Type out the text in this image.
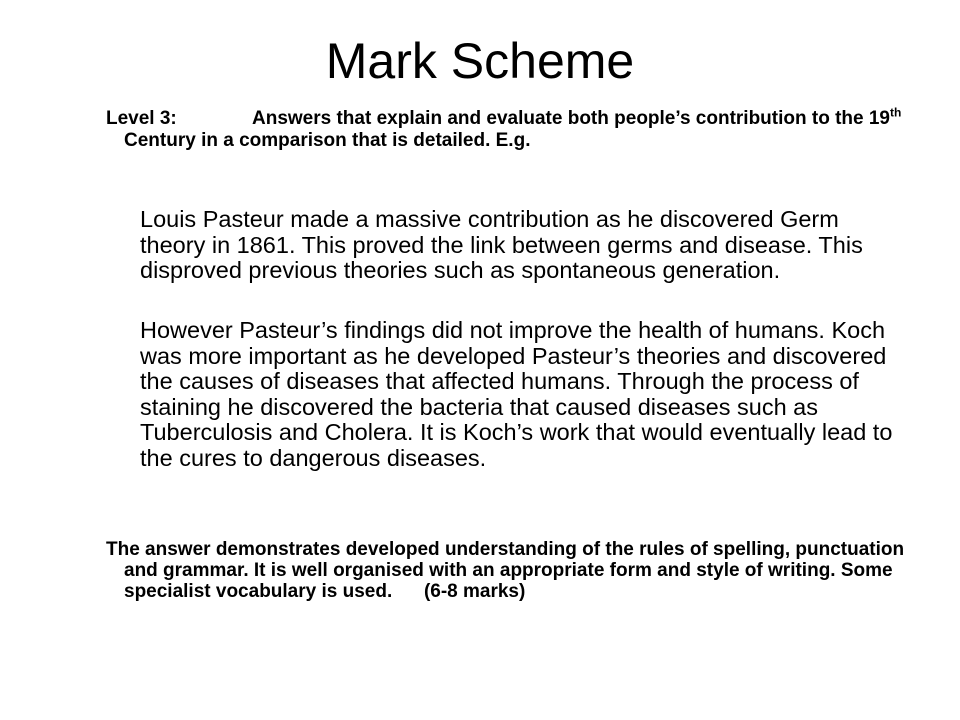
Mark Scheme
Level 3:	Answers that explain and evaluate both people’s contribution to the 19th Century in a comparison that is detailed. E.g.

Louis Pasteur made a massive contribution as he discovered Germ theory in 1861. This proved the link between germs and disease. This disproved previous theories such as spontaneous generation.

However Pasteur’s findings did not improve the health of humans. Koch was more important as he developed Pasteur’s theories and discovered the causes of diseases that affected humans. Through the process of staining he discovered the bacteria that caused diseases such as Tuberculosis and Cholera. It is Koch’s work that would eventually lead to the cures to dangerous diseases.

The answer demonstrates developed understanding of the rules of spelling, punctuation and grammar. It is well organised with an appropriate form and style of writing. Some specialist vocabulary is used. (6-8 marks)
